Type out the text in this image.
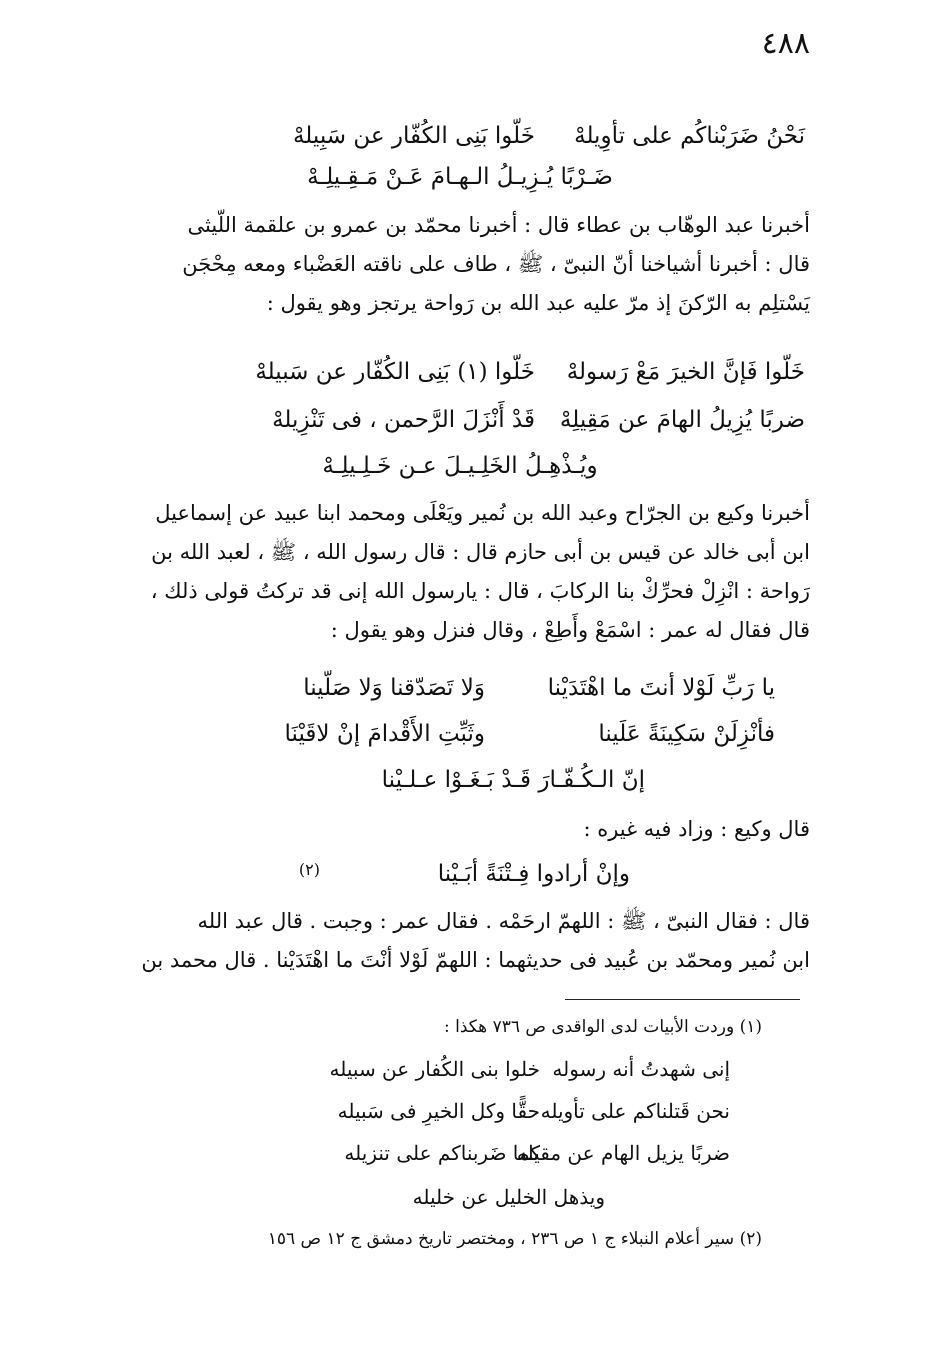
٤٨٨
نَحْنُ ضَرَبْناكُم على تأوِيلهْ
خَلّوا بَنِى الكُفّار عن سَبِيلهْ
ضَـرْبًا يُـزِيـلُ الـهـامَ عَـنْ مَـقِـيلِـهْ
أخبرنا عبد الوهّاب بن عطاء قال : أخبرنا محمّد بن عمرو بن علقمة اللّيثى
قال : أخبرنا أشياخنا أنّ النبىّ ، ﷺ ، طاف على ناقته العَضْباء ومعه مِحْجَن
يَسْتلِم به الرّكنَ إذ مرّ عليه عبد الله بن رَواحة يرتجز وهو يقول :
خَلّوا فَإنَّ الخيرَ مَعْ رَسولهْ
خَلّوا (١) بَنِى الكُفّار عن سَبيلهْ
ضربًا يُزِيلُ الهامَ عن مَقِيلِهْ
قَدْ أَنْزَلَ الرَّحمن ، فى تَنْزِيلهْ
ويُـذْهِـلُ الخَلِـيـلَ عـن خَـلِـيلِـهْ
أخبرنا وكيع بن الجرّاح وعبد الله بن نُمير ويَعْلَى ومحمد ابنا عبيد عن إسماعيل
ابن أبى خالد عن قيس بن أبى حازم قال : قال رسول الله ، ﷺ ، لعبد الله بن
رَواحة : انْزِلْ فحرِّكْ بنا الركابَ ، قال : يارسول الله إنى قد تركتُ قولى ذلك ،
قال فقال له عمر : اسْمَعْ وأَطِعْ ، وقال فنزل وهو يقول :
يا رَبِّ لَوْلا أنتَ ما اهْتَدَيْنا
وَلا تَصَدّقنا وَلا صَلّينا
فأنْزِلَنْ سَكِينَةً عَلَينا
وثَبِّتِ الأَقْدامَ إنْ لاقَيْنَا
إنّ الـكُـفّـارَ قَـدْ بَـغَـوْا عـلـيْنا
قال وكيع : وزاد فيه غيره :
وإنْ أرادوا فِـتْنَةً أبَـيْنا
(٢)
قال : فقال النبىّ ، ﷺ : اللهمّ ارحَمْه . فقال عمر : وجبت . قال عبد الله
ابن نُمير ومحمّد بن عُبيد فى حديثهما : اللهمّ لَوْلا أنْتَ ما اهْتَدَيْنا . قال محمد بن
(١) وردت الأبيات لدى الواقدى ص ٧٣٦ هكذا :
خلوا بنى الكُفار عن سبيله إنى شهدتُ أنه رسوله
حقًّا وكل الخيرِ فى سَبيله نحن قَتلناكم على تأويله
كما ضَربناكم على تنزيله
ضربًا يزيل الهام عن مقيله
ويذهل الخليل عن خليله
(٢) سير أعلام النبلاء ج ١ ص ٢٣٦ ، ومختصر تاريخ دمشق ج ١٢ ص ١٥٦
